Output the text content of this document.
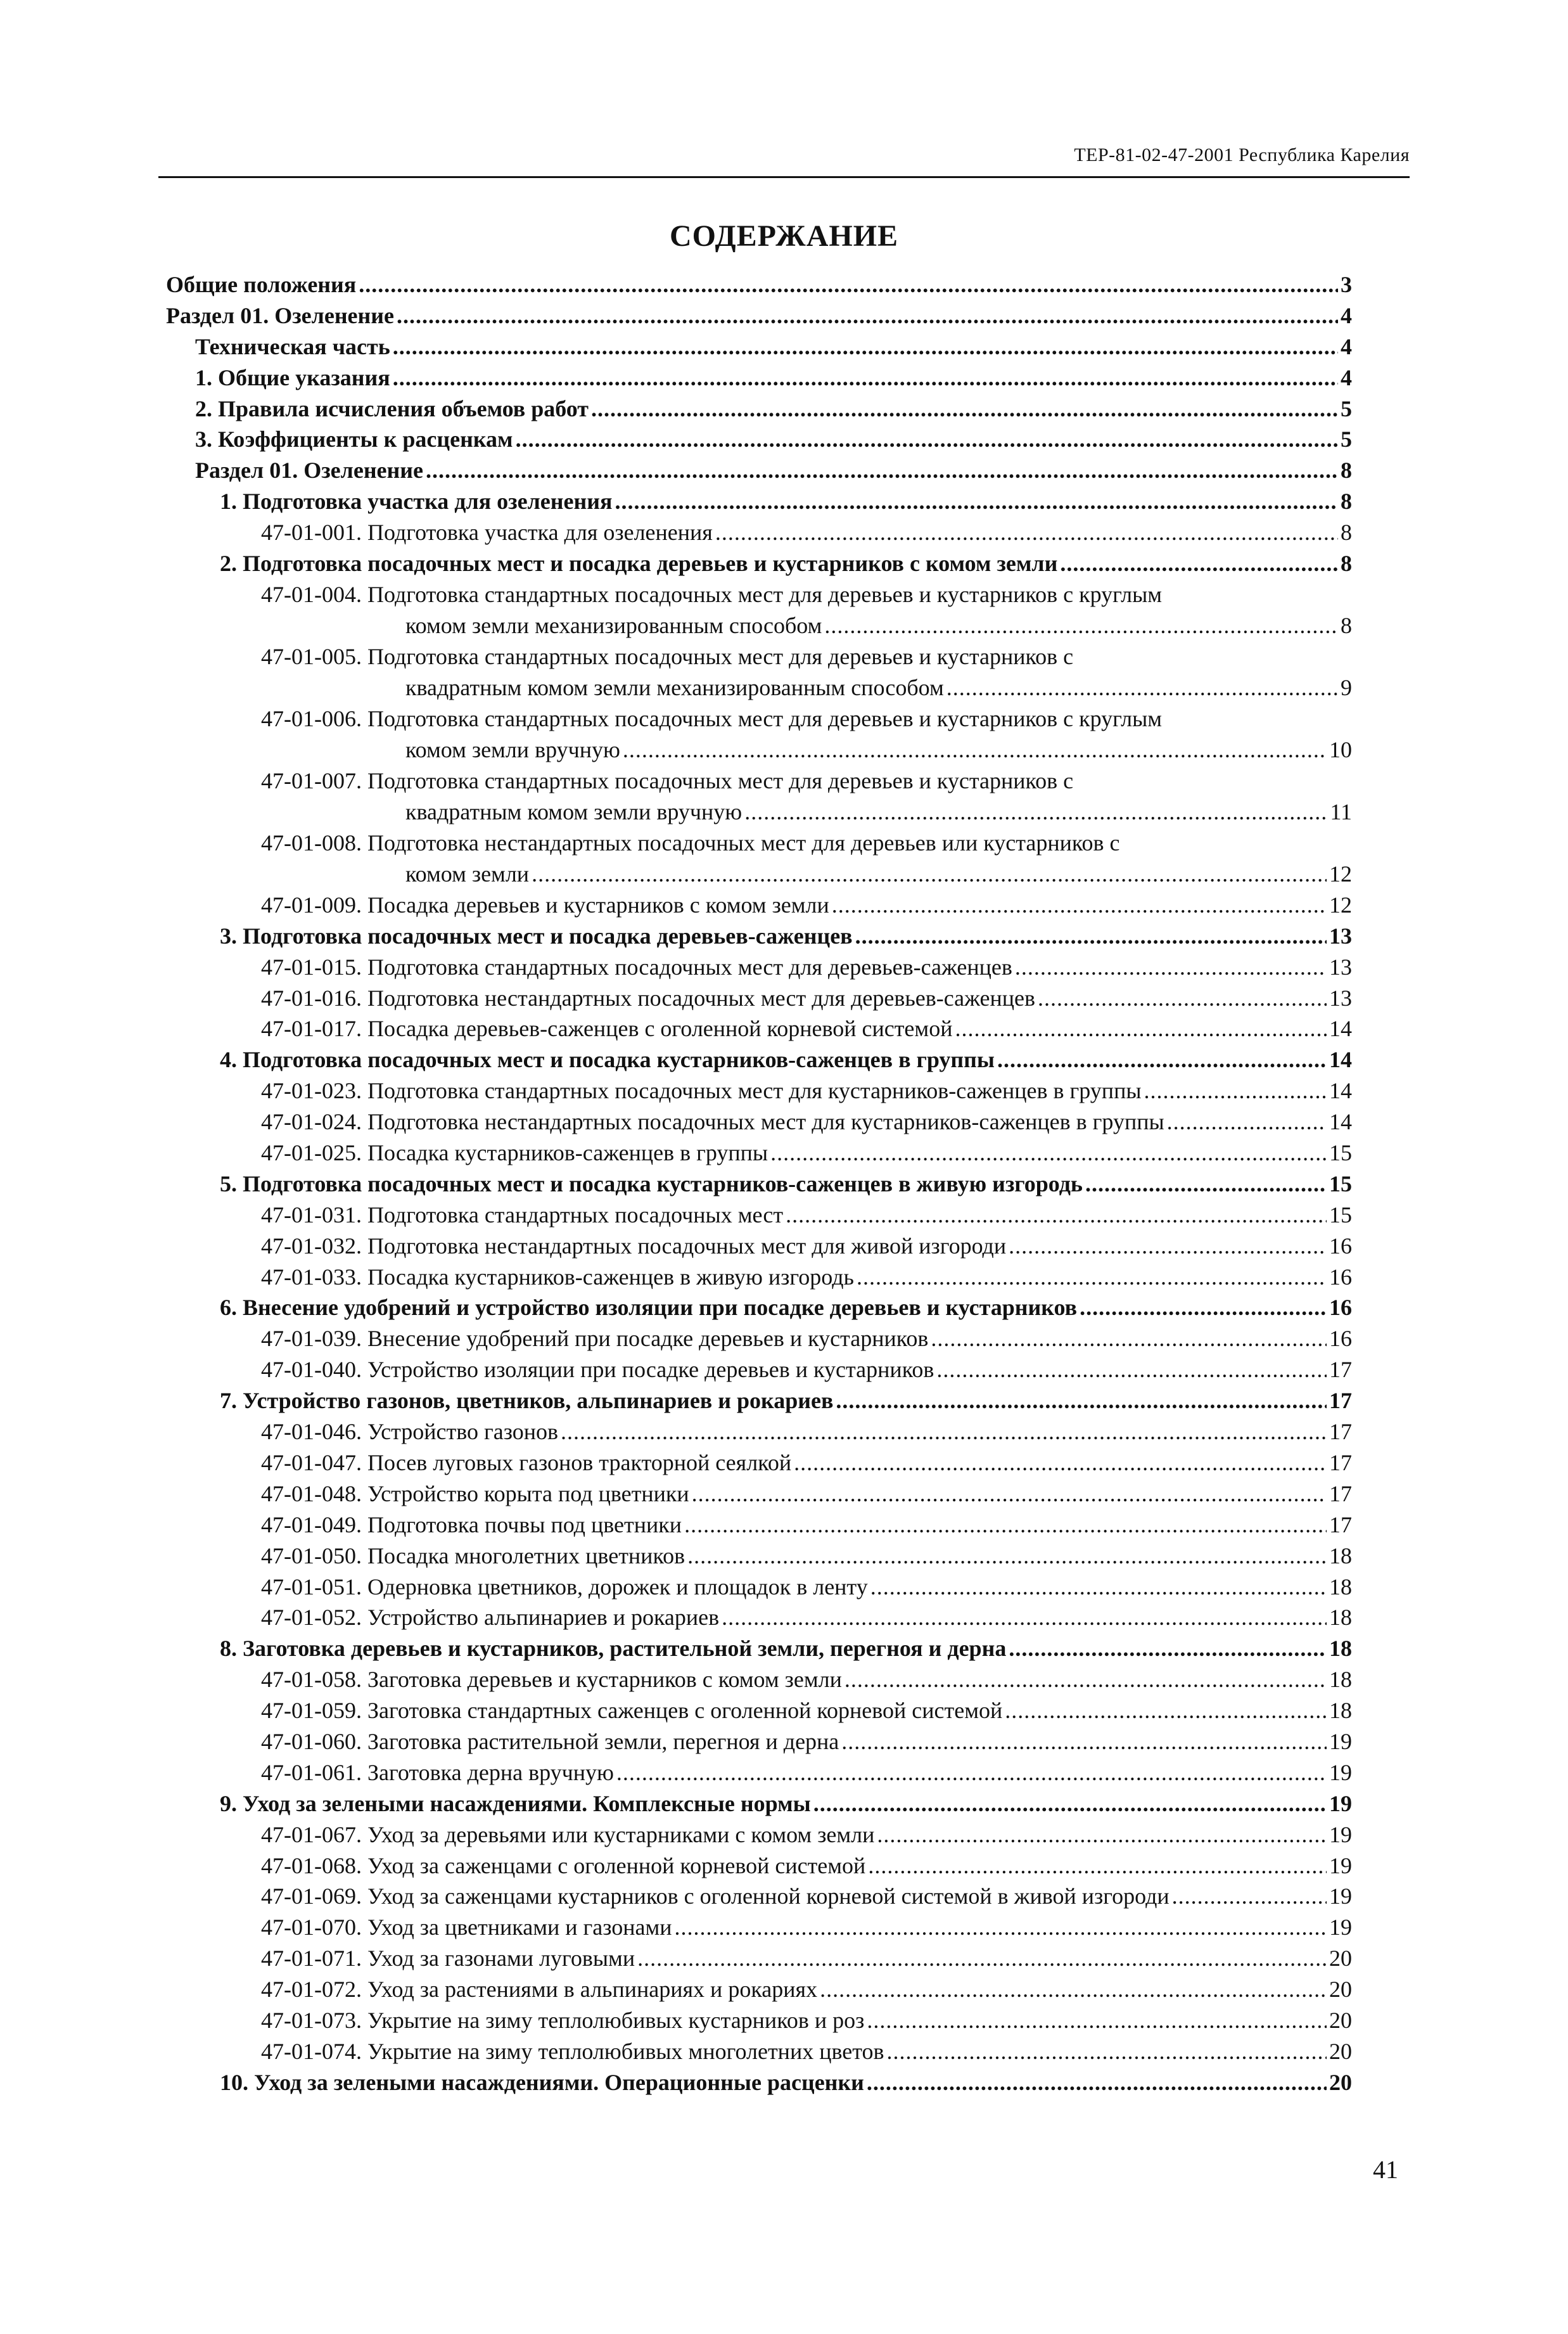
ТЕР-81-02-47-2001 Республика Карелия
СОДЕРЖАНИЕ
Общие положения .....	3
Раздел 01. Озеленение .....	4
Техническая часть .....	4
1. Общие указания .....	4
2. Правила исчисления объемов работ .....	5
3. Коэффициенты к расценкам .....	5
Раздел 01. Озеленение .....	8
1. Подготовка участка для озеленения .....	8
47-01-001. Подготовка участка для озеленения .....	8
2. Подготовка посадочных мест и посадка деревьев и кустарников с комом земли .....	8
47-01-004. Подготовка стандартных посадочных мест для деревьев и кустарников с круглым
комом земли механизированным способом .....	8
47-01-005. Подготовка стандартных посадочных мест для деревьев и кустарников с
квадратным комом земли механизированным способом .....	9
47-01-006. Подготовка стандартных посадочных мест для деревьев и кустарников с круглым
комом земли вручную .....	10
47-01-007. Подготовка стандартных посадочных мест для деревьев и кустарников с
квадратным комом земли вручную .....	11
47-01-008. Подготовка нестандартных посадочных мест для деревьев или кустарников с
комом земли .....	12
47-01-009. Посадка деревьев и кустарников с комом земли .....	12
3. Подготовка посадочных мест и посадка деревьев-саженцев .....	13
47-01-015. Подготовка стандартных посадочных мест для деревьев-саженцев .....	13
47-01-016. Подготовка нестандартных посадочных мест для деревьев-саженцев .....	13
47-01-017. Посадка деревьев-саженцев с оголенной корневой системой .....	14
4. Подготовка посадочных мест и посадка кустарников-саженцев в группы .....	14
47-01-023. Подготовка стандартных посадочных мест для кустарников-саженцев в группы .....	14
47-01-024. Подготовка нестандартных посадочных мест для кустарников-саженцев в группы .....	14
47-01-025. Посадка кустарников-саженцев в группы .....	15
5. Подготовка посадочных мест и посадка кустарников-саженцев в живую изгородь .....	15
47-01-031. Подготовка стандартных посадочных мест .....	15
47-01-032. Подготовка нестандартных посадочных мест для живой изгороди .....	16
47-01-033. Посадка кустарников-саженцев в живую изгородь .....	16
6. Внесение удобрений и устройство изоляции при посадке деревьев и кустарников .....	16
47-01-039. Внесение удобрений при посадке деревьев и кустарников .....	16
47-01-040. Устройство изоляции при посадке деревьев и кустарников .....	17
7. Устройство газонов, цветников, альпинариев и рокариев .....	17
47-01-046. Устройство газонов .....	17
47-01-047. Посев луговых газонов тракторной сеялкой .....	17
47-01-048. Устройство корыта под цветники .....	17
47-01-049. Подготовка почвы под цветники .....	17
47-01-050. Посадка многолетних цветников .....	18
47-01-051. Одерновка цветников, дорожек и площадок в ленту .....	18
47-01-052. Устройство альпинариев и рокариев .....	18
8. Заготовка деревьев и кустарников, растительной земли, перегноя и дерна .....	18
47-01-058. Заготовка деревьев и кустарников с комом земли .....	18
47-01-059. Заготовка стандартных саженцев с оголенной корневой системой .....	18
47-01-060. Заготовка растительной земли, перегноя и дерна .....	19
47-01-061. Заготовка дерна вручную .....	19
9. Уход за зелеными насаждениями. Комплексные нормы .....	19
47-01-067. Уход за деревьями или кустарниками с комом земли .....	19
47-01-068. Уход за саженцами с оголенной корневой системой .....	19
47-01-069. Уход за саженцами кустарников с оголенной корневой системой в живой изгороди .....	19
47-01-070. Уход за цветниками и газонами .....	19
47-01-071. Уход за газонами луговыми .....	20
47-01-072. Уход за растениями в альпинариях и рокариях .....	20
47-01-073. Укрытие на зиму теплолюбивых кустарников и роз .....	20
47-01-074. Укрытие на зиму теплолюбивых многолетних цветов .....	20
10. Уход за зелеными насаждениями. Операционные расценки .....	20
41
